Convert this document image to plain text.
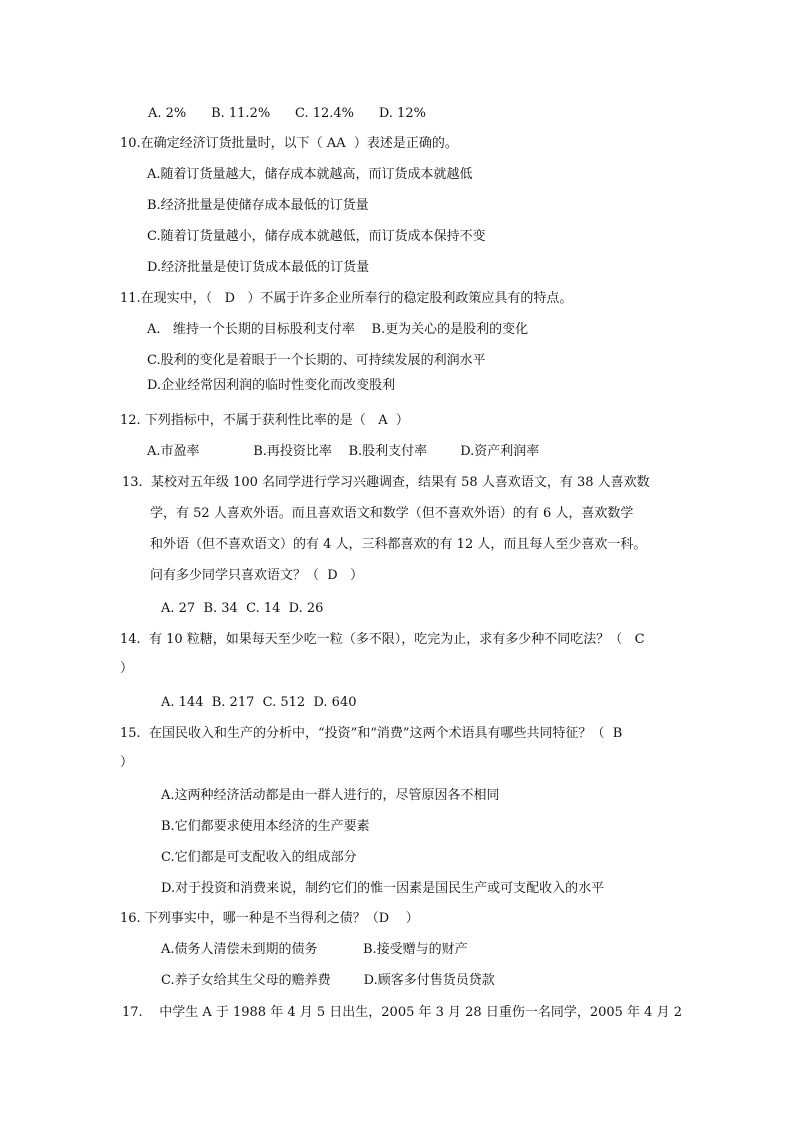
A. 2%      B. 11.2%      C. 12.4%      D. 12%
10.在确定经济订货批量时，以下（ AA  ）表述是正确的。
A.随着订货量越大，储存成本就越高，而订货成本就越低
B.经济批量是使储存成本最低的订货量
C.随着订货量越小，储存成本就越低，而订货成本保持不变
D.经济批量是使订货成本最低的订货量
11.在现实中，（   D   ）不属于许多企业所奉行的稳定股利政策应具有的特点。
A.   维持一个长期的目标股利支付率    B.更为关心的是股利的变化
C.股利的变化是着眼于一个长期的、可持续发展的利润水平
D.企业经常因利润的临时性变化而改变股利
12. 下列指标中，不属于获利性比率的是（   A  ）
A.市盈率             B.再投资比率    B.股利支付率        D.资产利润率
13.  某校对五年级 100 名同学进行学习兴趣调查，结果有 58 人喜欢语文，有 38 人喜欢数
学，有 52 人喜欢外语。而且喜欢语文和数学（但不喜欢外语）的有 6 人，喜欢数学
和外语（但不喜欢语文）的有 4 人，三科都喜欢的有 12 人，而且每人至少喜欢一科。
问有多少同学只喜欢语文？（  D   ）
A. 27  B. 34  C. 14  D. 26
14.  有 10 粒糖，如果每天至少吃一粒（多不限），吃完为止，求有多少种不同吃法？（   C
）
A. 144  B. 217  C. 512  D. 640
15.  在国民收入和生产的分析中，“投资”和“消费”这两个术语具有哪些共同特征？（  B
）
A.这两种经济活动都是由一群人进行的，尽管原因各不相同
B.它们都要求使用本经济的生产要素
C.它们都是可支配收入的组成部分
D.对于投资和消费来说，制约它们的惟一因素是国民生产或可支配收入的水平
16. 下列事实中，哪一种是不当得利之债？（D    ）
A.债务人清偿未到期的债务           B.接受赠与的财产
C.养子女给其生父母的赡养费        D.顾客多付售货员贷款
17.    中学生 A 于 1988 年 4 月 5 日出生，2005 年 3 月 28 日重伤一名同学，2005 年 4 月 2
